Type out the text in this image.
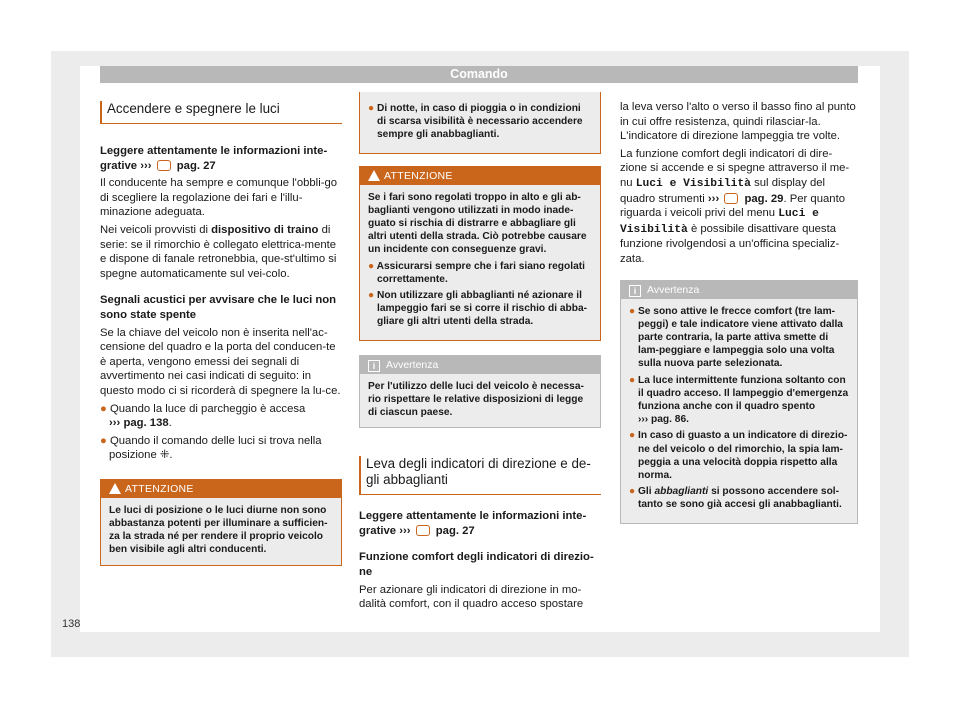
Comando
Accendere e spegnere le luci

Leggere attentamente le informazioni inte-grative ››› pag. 27

Il conducente ha sempre e comunque l'obbli-go di scegliere la regolazione dei fari e l'illu-minazione adeguata.

Nei veicoli provvisti di dispositivo di traino di serie: se il rimorchio è collegato elettrica-mente e dispone di fanale retronebbia, que-st'ultimo si spegne automaticamente sul vei-colo.

Segnali acustici per avvisare che le luci non sono state spente

Se la chiave del veicolo non è inserita nell'ac-censione del quadro e la porta del conducen-te è aperta, vengono emessi dei segnali di avvertimento nei casi indicati di seguito: in questo modo ci si ricorderà di spegnere la lu-ce.

● Quando la luce di parcheggio è accesa
››› pag. 138.

● Quando il comando delle luci si trova nella posizione ⁜.

ATTENZIONE
Le luci di posizione o le luci diurne non sono abbastanza potenti per illuminare a sufficien-za la strada né per rendere il proprio veicolo ben visibile agli altri conducenti.

● Di notte, in caso di pioggia o in condizioni di scarsa visibilità è necessario accendere sempre gli anabbaglianti.

ATTENZIONE

Se i fari sono regolati troppo in alto e gli ab-baglianti vengono utilizzati in modo inade-guato si rischia di distrarre e abbagliare gli altri utenti della strada. Ciò potrebbe causare un incidente con conseguenze gravi.

● Assicurarsi sempre che i fari siano regolati correttamente.

● Non utilizzare gli abbaglianti né azionare il lampeggio fari se si corre il rischio di abba-gliare gli altri utenti della strada.

i	Avvertenza
Per l'utilizzo delle luci del veicolo è necessa-rio rispettare le relative disposizioni di legge di ciascun paese.
Leva degli indicatori di direzione e de-gli abbaglianti

Leggere attentamente le informazioni inte-grative ››› pag. 27

Funzione comfort degli indicatori di direzio-ne

Per azionare gli indicatori di direzione in mo-dalità comfort, con il quadro acceso spostare

la leva verso l'alto o verso il basso fino al punto in cui offre resistenza, quindi rilasciar-la. L'indicatore di direzione lampeggia tre volte.

La funzione comfort degli indicatori di dire-zione si accende e si spegne attraverso il me-nu Luci e Visibilità sul display del quadro strumenti ››› pag. 29. Per quanto riguarda i veicoli privi del menu Luci e Visibilità è possibile disattivare questa funzione rivolgendosi a un'officina specializ-zata.

i	Avvertenza

● Se sono attive le frecce comfort (tre lam-peggi) e tale indicatore viene attivato dalla parte contraria, la parte attiva smette di lam-peggiare e lampeggia solo una volta sulla nuova parte selezionata.

● La luce intermittente funziona soltanto con il quadro acceso. Il lampeggio d'emergenza funziona anche con il quadro spento
››› pag. 86.

● In caso di guasto a un indicatore di direzio-ne del veicolo o del rimorchio, la spia lam-peggia a una velocità doppia rispetto alla norma.

● Gli abbaglianti si possono accendere sol-tanto se sono già accesi gli anabbaglianti.

138
